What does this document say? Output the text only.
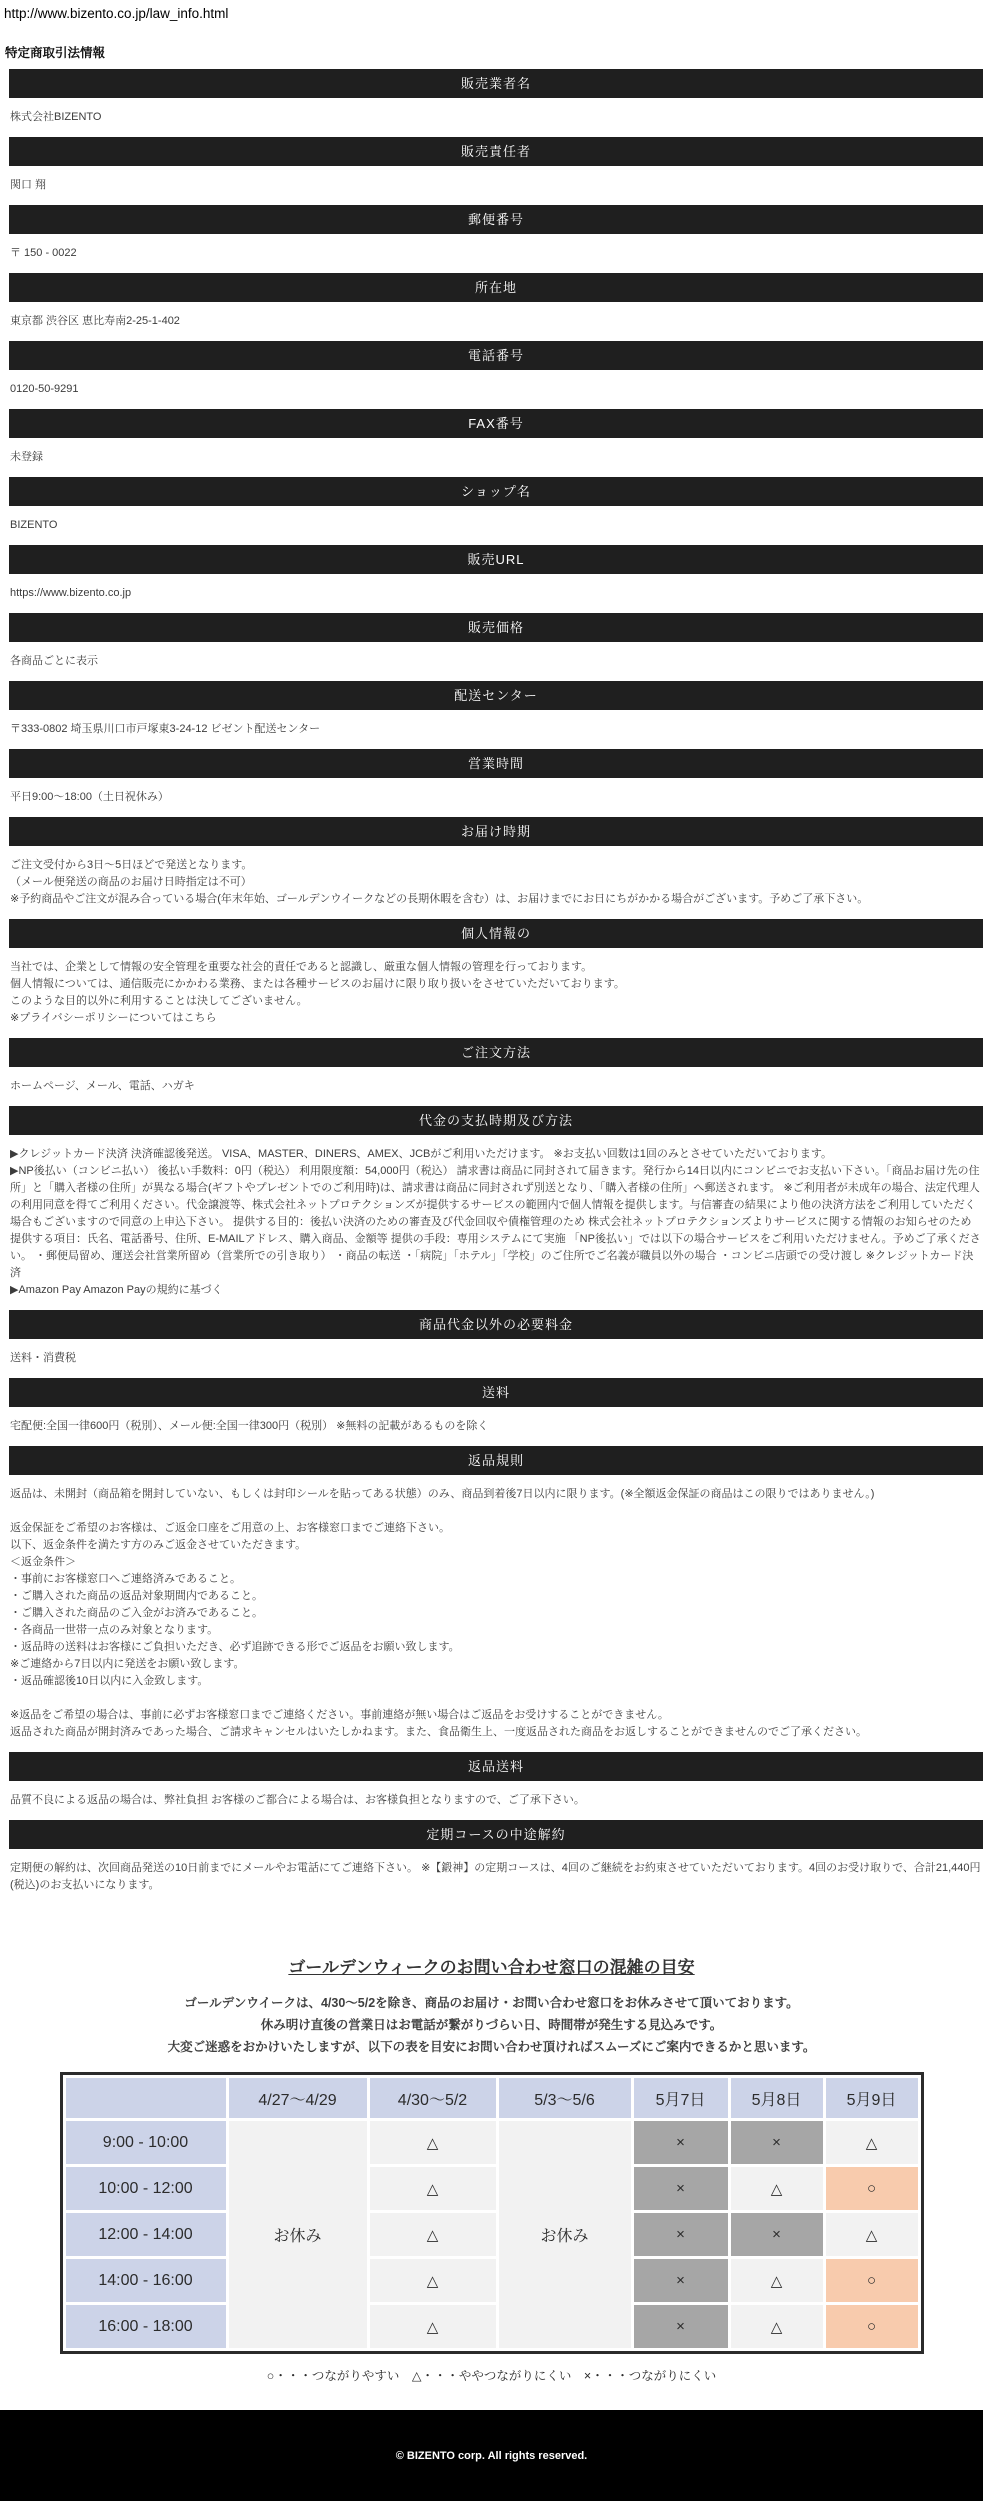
http://www.bizento.co.jp/law_info.html
特定商取引法情報
販売業者名
株式会社BIZENTO
販売責任者
関口 翔
郵便番号
〒 150 - 0022
所在地
東京都 渋谷区 恵比寿南2-25-1-402
電話番号
0120-50-9291
FAX番号
未登録
ショップ名
BIZENTO
販売URL
https://www.bizento.co.jp
販売価格
各商品ごとに表示
配送センター
〒333-0802 埼玉県川口市戸塚東3-24-12 ビゼント配送センター
営業時間
平日9:00～18:00（土日祝休み）
お届け時期
ご注文受付から3日～5日ほどで発送となります。
（メール便発送の商品のお届け日時指定は不可）
※予約商品やご注文が混み合っている場合(年末年始、ゴールデンウイークなどの長期休暇を含む）は、お届けまでにお日にちがかかる場合がございます。予めご了承下さい。
個人情報の
当社では、企業として情報の安全管理を重要な社会的責任であると認識し、厳重な個人情報の管理を行っております。
個人情報については、通信販売にかかわる業務、または各種サービスのお届けに限り取り扱いをさせていただいております。
このような目的以外に利用することは決してございません。
※プライバシーポリシーについてはこちら
ご注文方法
ホームページ、メール、電話、ハガキ
代金の支払時期及び方法
▶クレジットカード決済 決済確認後発送。 VISA、MASTER、DINERS、AMEX、JCBがご利用いただけます。 ※お支払い回数は1回のみとさせていただいております。
▶NP後払い（コンビニ払い） 後払い手数料：0円（税込） 利用限度額：54,000円（税込） 請求書は商品に同封されて届きます。発行から14日以内にコンビニでお支払い下さい。「商品お届け先の住所」と「購入者様の住所」が異なる場合(ギフトやプレゼントでのご利用時)は、請求書は商品に同封されず別送となり、「購入者様の住所」へ郵送されます。 ※ご利用者が未成年の場合、法定代理人の利用同意を得てご利用ください。代金譲渡等、株式会社ネットプロテクションズが提供するサービスの範囲内で個人情報を提供します。与信審査の結果により他の決済方法をご利用していただく場合もございますので同意の上申込下さい。 提供する目的：後払い決済のための審査及び代金回収や債権管理のため 株式会社ネットプロテクションズよりサービスに関する情報のお知らせのため 提供する項目：氏名、電話番号、住所、E-MAILアドレス、購入商品、金額等 提供の手段：専用システムにて実施 「NP後払い」では以下の場合サービスをご利用いただけません。予めご了承ください。 ・郵便局留め、運送会社営業所留め（営業所での引き取り） ・商品の転送 ・「病院」「ホテル」「学校」のご住所でご名義が職員以外の場合 ・コンビニ店頭での受け渡し ※クレジットカード決済
▶Amazon Pay Amazon Payの規約に基づく
商品代金以外の必要料金
送料・消費税
送料
宅配便:全国一律600円（税別）、メール便:全国一律300円（税別） ※無料の記載があるものを除く
返品規則
返品は、未開封（商品箱を開封していない、もしくは封印シールを貼ってある状態）のみ、商品到着後7日以内に限ります。(※全額返金保証の商品はこの限りではありません。)
返金保証をご希望のお客様は、ご返金口座をご用意の上、お客様窓口までご連絡下さい。
以下、返金条件を満たす方のみご返金させていただきます。
＜返金条件＞
・事前にお客様窓口へご連絡済みであること。
・ご購入された商品の返品対象期間内であること。
・ご購入された商品のご入金がお済みであること。
・各商品一世帯一点のみ対象となります。
・返品時の送料はお客様にご負担いただき、必ず追跡できる形でご返品をお願い致します。
※ご連絡から7日以内に発送をお願い致します。
・返品確認後10日以内に入金致します。
※返品をご希望の場合は、事前に必ずお客様窓口までご連絡ください。事前連絡が無い場合はご返品をお受けすることができません。
返品された商品が開封済みであった場合、ご請求キャンセルはいたしかねます。また、食品衛生上、一度返品された商品をお返しすることができませんのでご了承ください。
返品送料
品質不良による返品の場合は、弊社負担 お客様のご都合による場合は、お客様負担となりますので、ご了承下さい。
定期コースの中途解約
定期便の解約は、次回商品発送の10日前までにメールやお電話にてご連絡下さい。 ※【鍛神】の定期コースは、4回のご継続をお約束させていただいております。4回のお受け取りで、合計21,440円(税込)のお支払いになります。
ゴールデンウィークのお問い合わせ窓口の混雑の目安
ゴールデンウイークは、4/30～5/2を除き、商品のお届け・お問い合わせ窓口をお休みさせて頂いております。
休み明け直後の営業日はお電話が繋がりづらい日、時間帯が発生する見込みです。
大変ご迷惑をおかけいたしますが、以下の表を目安にお問い合わせ頂ければスムーズにご案内できるかと思います。
	4/27～4/29	4/30～5/2	5/3～5/6	5月7日	5月8日	5月9日
9:00 - 10:00	お休み	△	お休み	×	×	△
10:00 - 12:00		△		×	△	○
12:00 - 14:00		△		×	×	△
14:00 - 16:00		△		×	△	○
16:00 - 18:00		△		×	△	○
○・・・つながりやすい　△・・・ややつながりにくい　×・・・つながりにくい
© BIZENTO corp. All rights reserved.
